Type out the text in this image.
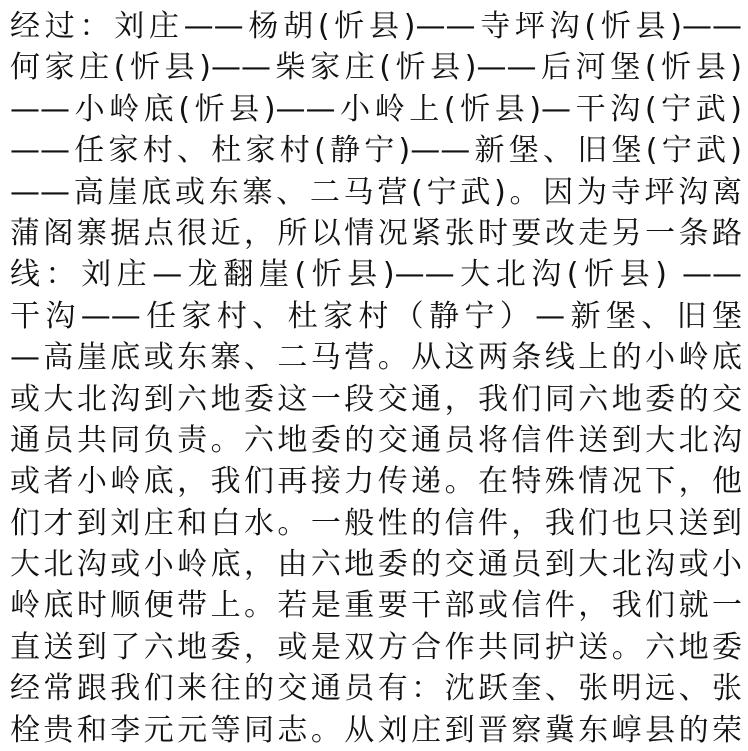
经过：刘庄——杨胡(忻县)——寺坪沟(忻县)——
何家庄(忻县)——柴家庄(忻县)——后河堡(忻县)
——小岭底(忻县)——小岭上(忻县)—干沟(宁武)
——任家村、杜家村(静宁)——新堡、旧堡(宁武)
——高崖底或东寨、二马营(宁武)。因为寺坪沟离
蒲阁寨据点很近，所以情况紧张时要改走另一条路
线：刘庄—龙翻崖(忻县)——大北沟(忻县) ——
干沟——任家村、杜家村（静宁）—新堡、旧堡
—高崖底或东寨、二马营。从这两条线上的小岭底
或大北沟到六地委这一段交通，我们同六地委的交
通员共同负责。六地委的交通员将信件送到大北沟
或者小岭底，我们再接力传递。在特殊情况下，他
们才到刘庄和白水。一般性的信件，我们也只送到
大北沟或小岭底，由六地委的交通员到大北沟或小
岭底时顺便带上。若是重要干部或信件，我们就一
直送到了六地委，或是双方合作共同护送。六地委
经常跟我们来往的交通员有：沈跃奎、张明远、张
栓贵和李元元等同志。从刘庄到晋察冀东崞县的荣
